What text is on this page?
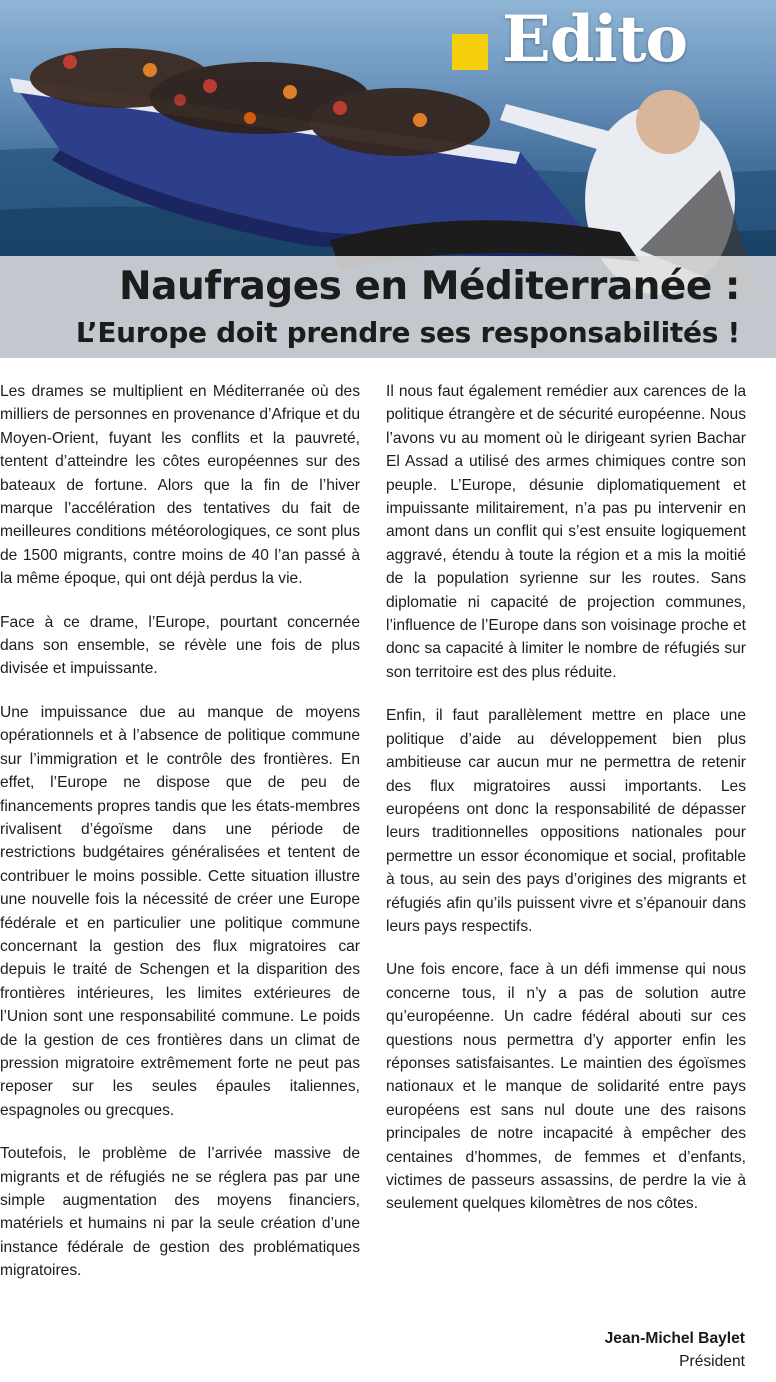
Edito
Naufrages en Méditerranée :
L’Europe doit prendre ses responsabilités !

Les drames se multiplient en Méditerranée où des milliers de personnes en provenance d’Afrique et du Moyen-Orient, fuyant les conflits et la pauvreté, tentent d’atteindre les côtes européennes sur des bateaux de fortune. Alors que la fin de l’hiver marque l’accélération des tentatives du fait de meilleures conditions météorologiques, ce sont plus de 1500 migrants, contre moins de 40 l’an passé à la même époque, qui ont déjà perdus la vie.

Face à ce drame, l’Europe, pourtant concernée dans son ensemble, se révèle une fois de plus divisée et impuissante.

Une impuissance due au manque de moyens opérationnels et à l’absence de politique commune sur l’immigration et le contrôle des frontières. En effet, l’Europe ne dispose que de peu de financements propres tandis que les états-membres rivalisent d’égoïsme dans une période de restrictions budgétaires généralisées et tentent de contribuer le moins possible. Cette situation illustre une nouvelle fois la nécessité de créer une Europe fédérale et en particulier une politique commune concernant la gestion des flux migratoires car depuis le traité de Schengen et la disparition des frontières intérieures, les limites extérieures de l’Union sont une responsabilité commune. Le poids de la gestion de ces frontières dans un climat de pression migratoire extrêmement forte ne peut pas reposer sur les seules épaules italiennes, espagnoles ou grecques.

Toutefois, le problème de l’arrivée massive de migrants et de réfugiés ne se réglera pas par une simple augmentation des moyens financiers, matériels et humains ni par la seule création d’une instance fédérale de gestion des problématiques migratoires.

Il nous faut également remédier aux carences de la politique étrangère et de sécurité européenne. Nous l’avons vu au moment où le dirigeant syrien Bachar El Assad a utilisé des armes chimiques contre son peuple. L’Europe, désunie diplomatiquement et impuissante militairement, n’a pas pu intervenir en amont dans un conflit qui s’est ensuite logiquement aggravé, étendu à toute la région et a mis la moitié de la population syrienne sur les routes. Sans diplomatie ni capacité de projection communes, l’influence de l’Europe dans son voisinage proche et donc sa capacité à limiter le nombre de réfugiés sur son territoire est des plus réduite.

Enfin, il faut parallèlement mettre en place une politique d’aide au développement bien plus ambitieuse car aucun mur ne permettra de retenir des flux migratoires aussi importants. Les européens ont donc la responsabilité de dépasser leurs traditionnelles oppositions nationales pour permettre un essor économique et social, profitable à tous, au sein des pays d’origines des migrants et réfugiés afin qu’ils puissent vivre et s’épanouir dans leurs pays respectifs.

Une fois encore, face à un défi immense qui nous concerne tous, il n’y a pas de solution autre qu’européenne. Un cadre fédéral abouti sur ces questions nous permettra d’y apporter enfin les réponses satisfaisantes. Le maintien des égoïsmes nationaux et le manque de solidarité entre pays européens est sans nul doute une des raisons principales de notre incapacité à empêcher des centaines d’hommes, de femmes et d’enfants, victimes de passeurs assassins, de perdre la vie à seulement quelques kilomètres de nos côtes.

Jean-Michel Baylet
Président
